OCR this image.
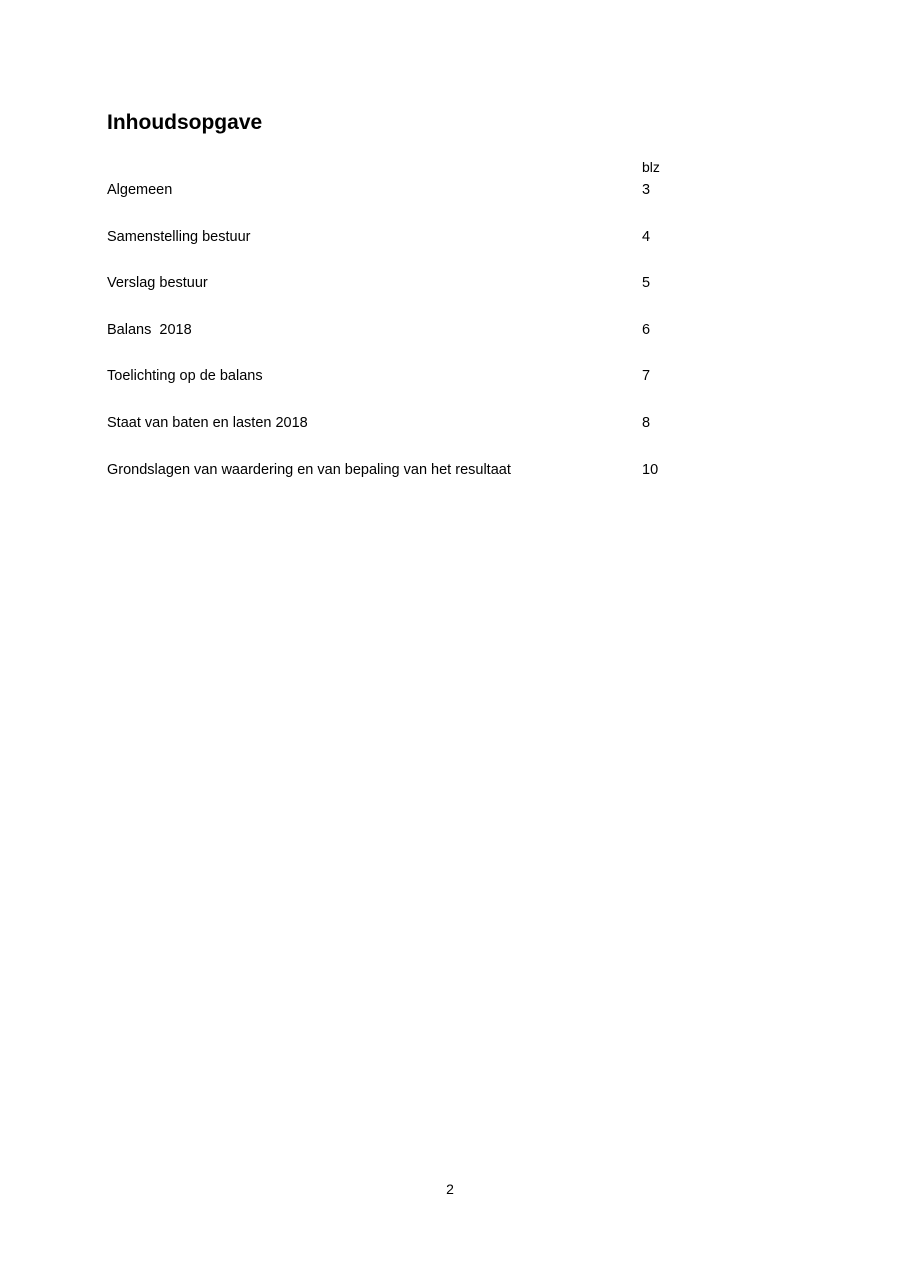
Inhoudsopgave
blz
Algemeen	3
Samenstelling bestuur	4
Verslag bestuur	5
Balans  2018	6
Toelichting op de balans	7
Staat van baten en lasten 2018	8
Grondslagen van waardering en van bepaling van het resultaat	10
2
